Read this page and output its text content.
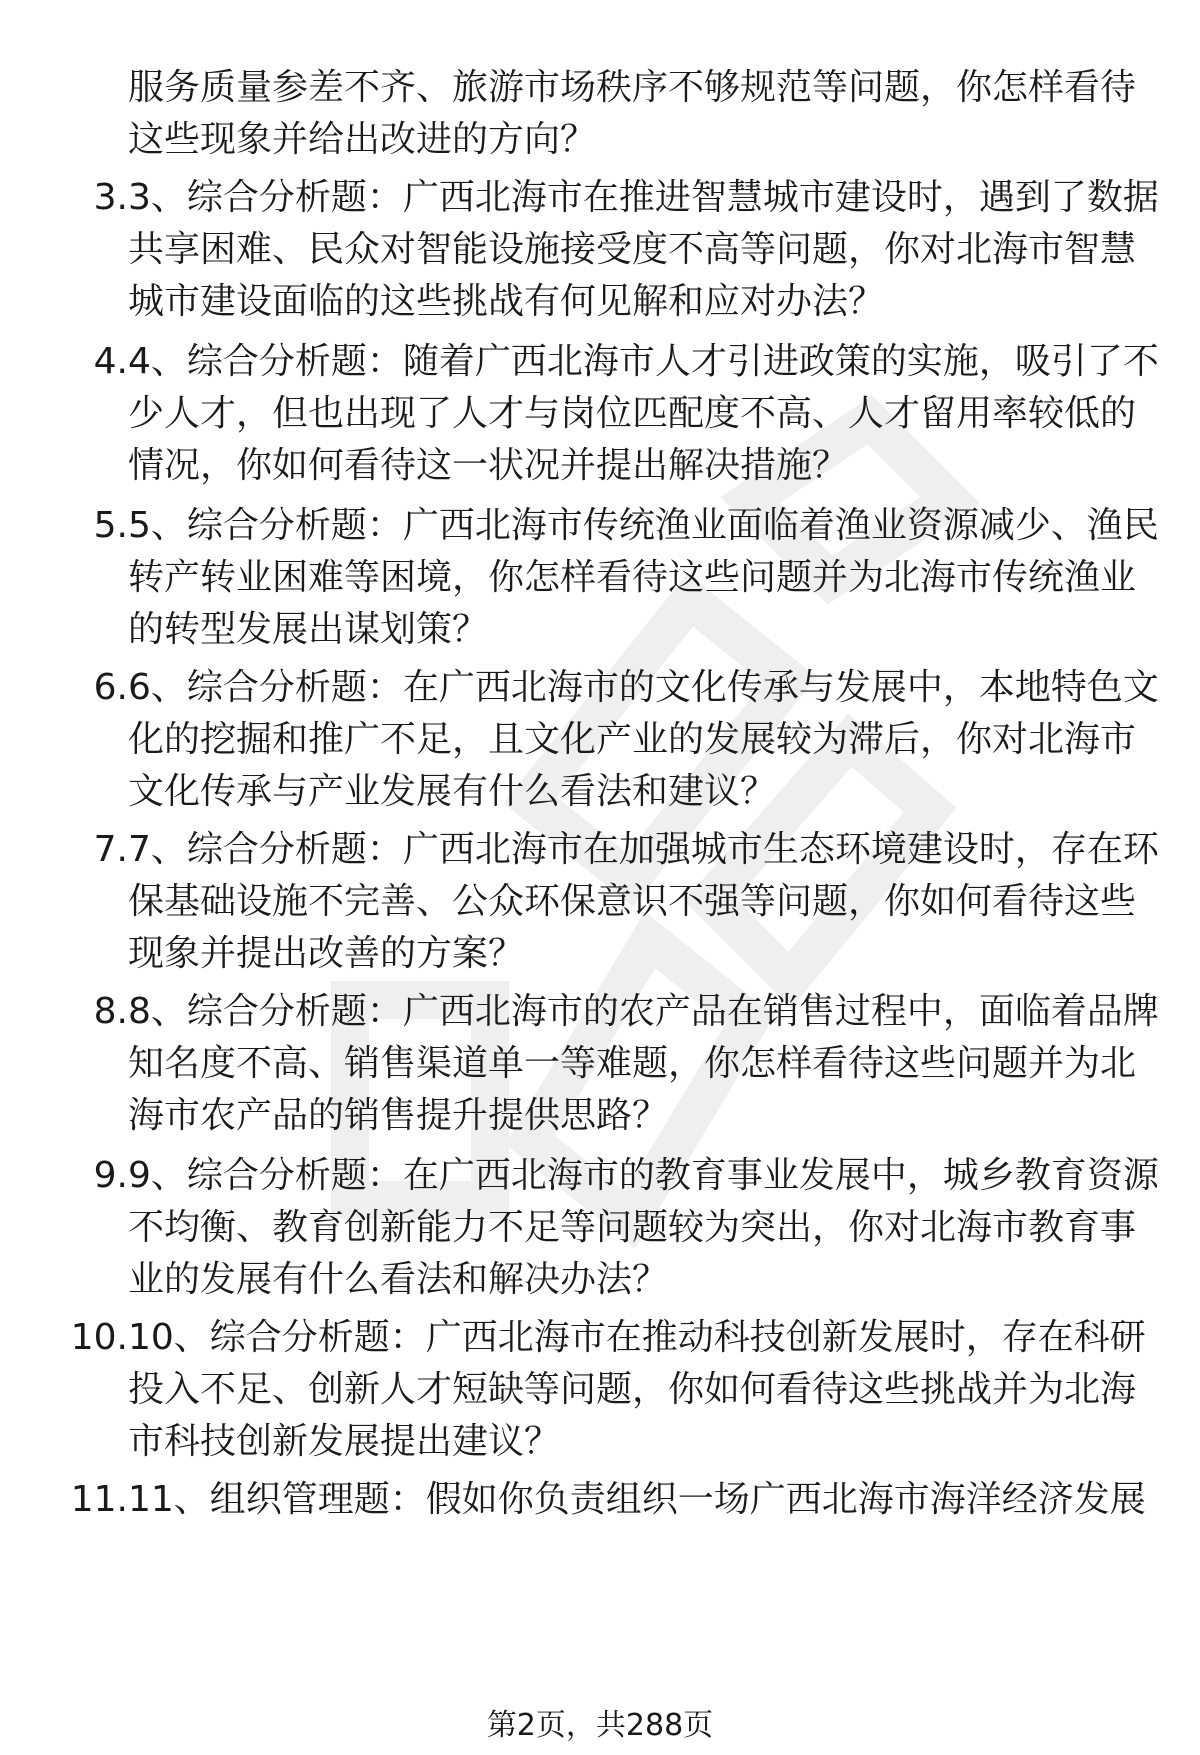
服务质量参差不齐、旅游市场秩序不够规范等问题，你怎样看待这些现象并给出改进的方向？

3. 3、综合分析题：广西北海市在推进智慧城市建设时，遇到了数据共享困难、民众对智能设施接受度不高等问题，你对北海市智慧城市建设面临的这些挑战有何见解和应对办法？

4. 4、综合分析题：随着广西北海市人才引进政策的实施，吸引了不少人才，但也出现了人才与岗位匹配度不高、人才留用率较低的情况，你如何看待这一状况并提出解决措施？

5. 5、综合分析题：广西北海市传统渔业面临着渔业资源减少、渔民转产转业困难等困境，你怎样看待这些问题并为北海市传统渔业的转型发展出谋划策？

6. 6、综合分析题：在广西北海市的文化传承与发展中，本地特色文化的挖掘和推广不足，且文化产业的发展较为滞后，你对北海市文化传承与产业发展有什么看法和建议？

7. 7、综合分析题：广西北海市在加强城市生态环境建设时，存在环保基础设施不完善、公众环保意识不强等问题，你如何看待这些现象并提出改善的方案？

8. 8、综合分析题：广西北海市的农产品在销售过程中，面临着品牌知名度不高、销售渠道单一等难题，你怎样看待这些问题并为北海市农产品的销售提升提供思路？

9. 9、综合分析题：在广西北海市的教育事业发展中，城乡教育资源不均衡、教育创新能力不足等问题较为突出，你对北海市教育事业的发展有什么看法和解决办法？

10. 10、综合分析题：广西北海市在推动科技创新发展时，存在科研投入不足、创新人才短缺等问题，你如何看待这些挑战并为北海市科技创新发展提出建议？

11. 11、组织管理题：假如你负责组织一场广西北海市海洋经济发展

第2页，共288页
